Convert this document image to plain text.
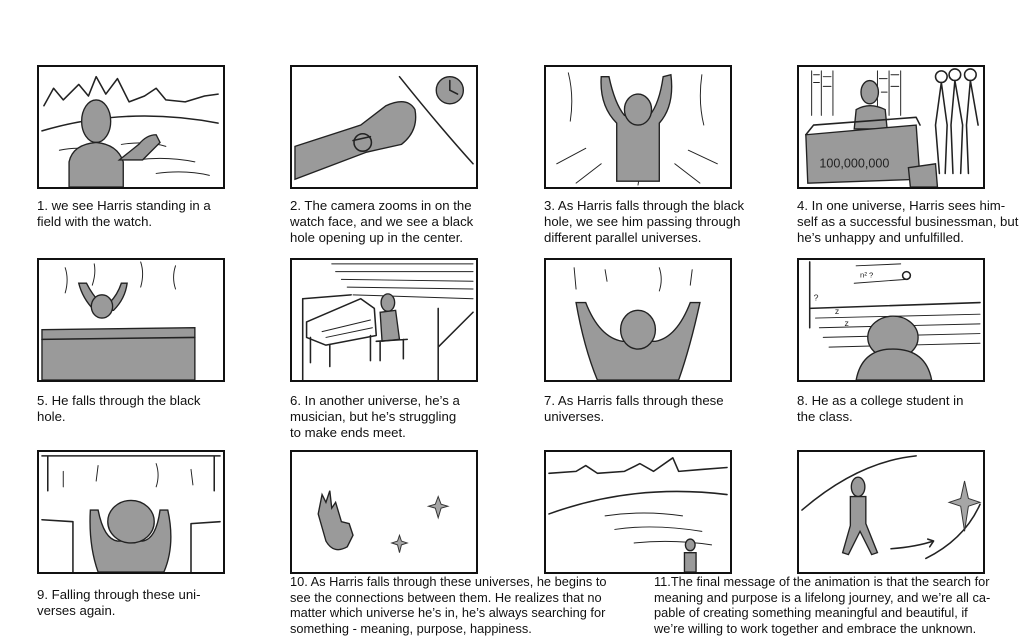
1. we see Harris standing in a
field with the watch.
2. The camera zooms in on the
watch face, and we see a black
hole opening up in the center.
3. As Harris falls through the black
hole, we see him passing through
different parallel universes.
100,000,000
4. In one universe, Harris sees him-
self as a successful businessman, but
he’s unhappy and unfulfilled.
5. He falls through the black
hole.
6. In another universe, he’s a
musician, but he’s struggling
to make ends meet.
7. As Harris falls through these
universes.
n² ?
?
z
z
8. He as a college student in
the class.
9. Falling through these uni-
verses again.
10. As Harris falls through these universes, he begins to
see the connections between them. He realizes that no
matter which universe he’s in, he’s always searching for
something - meaning, purpose, happiness.
11.The final message of the animation is that the search for
meaning and purpose is a lifelong journey, and we’re all ca-
pable of creating something meaningful and beautiful, if
we’re willing to work together and embrace the unknown.
